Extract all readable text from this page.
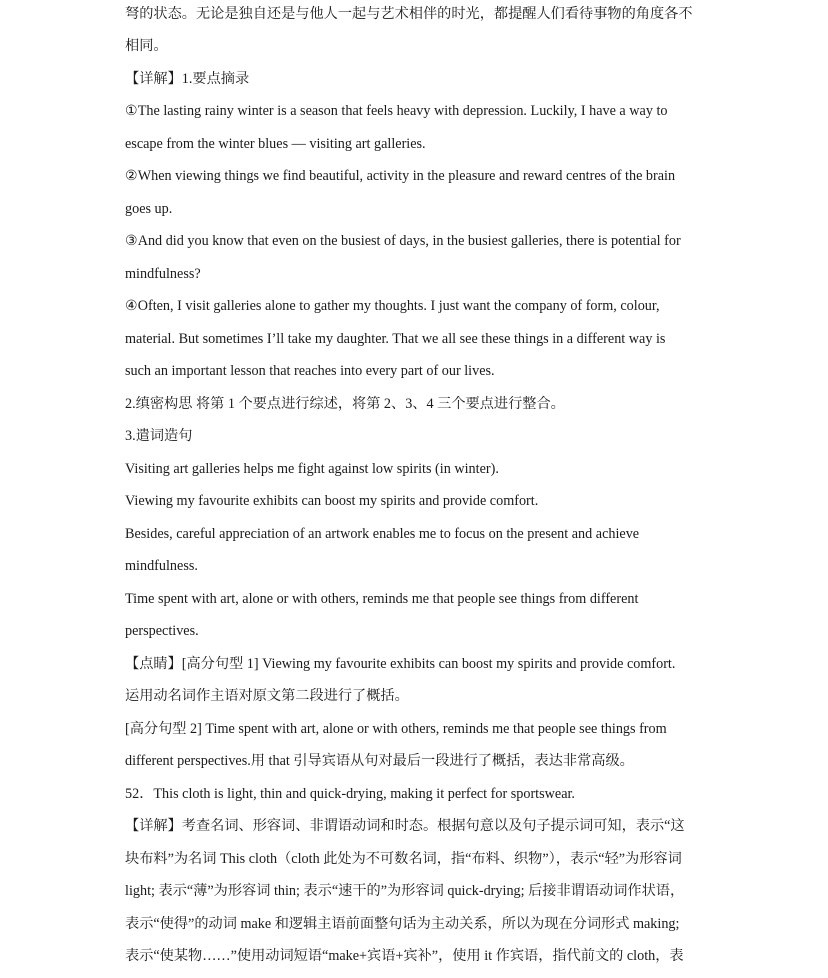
弩的状态。无论是独自还是与他人一起与艺术相伴的时光，都提醒人们看待事物的角度各不
相同。
【详解】1.要点摘录
①The lasting rainy winter is a season that feels heavy with depression. Luckily, I have a way to
escape from the winter blues — visiting art galleries.
②When viewing things we find beautiful, activity in the pleasure and reward centres of the brain
goes up.
③And did you know that even on the busiest of days, in the busiest galleries, there is potential for
mindfulness?
④Often, I visit galleries alone to gather my thoughts. I just want the company of form, colour,
material. But sometimes I’ll take my daughter. That we all see these things in a different way is
such an important lesson that reaches into every part of our lives.
2.缜密构思 将第 1 个要点进行综述，将第 2、3、4 三个要点进行整合。
3.遣词造句
Visiting art galleries helps me fight against low spirits (in winter).
Viewing my favourite exhibits can boost my spirits and provide comfort.
Besides, careful appreciation of an artwork enables me to focus on the present and achieve
mindfulness.
Time spent with art, alone or with others, reminds me that people see things from different
perspectives.
【点睛】[高分句型 1] Viewing my favourite exhibits can boost my spirits and provide comfort.
运用动名词作主语对原文第二段进行了概括。
[高分句型 2] Time spent with art, alone or with others, reminds me that people see things from
different perspectives.用 that 引导宾语从句对最后一段进行了概括，表达非常高级。
52．This cloth is light, thin and quick-drying, making it perfect for sportswear.
【详解】考查名词、形容词、非谓语动词和时态。根据句意以及句子提示词可知，表示“这
块布料”为名词 This cloth（cloth 此处为不可数名词，指“布料、织物”），表示“轻”为形容词
light; 表示“薄”为形容词 thin; 表示“速干的”为形容词 quick-drying; 后接非谓语动词作状语，
表示“使得”的动词 make 和逻辑主语前面整句话为主动关系，所以为现在分词形式 making;
表示“使某物……”使用动词短语“make+宾语+宾补”，使用 it 作宾语，指代前文的 cloth，表
